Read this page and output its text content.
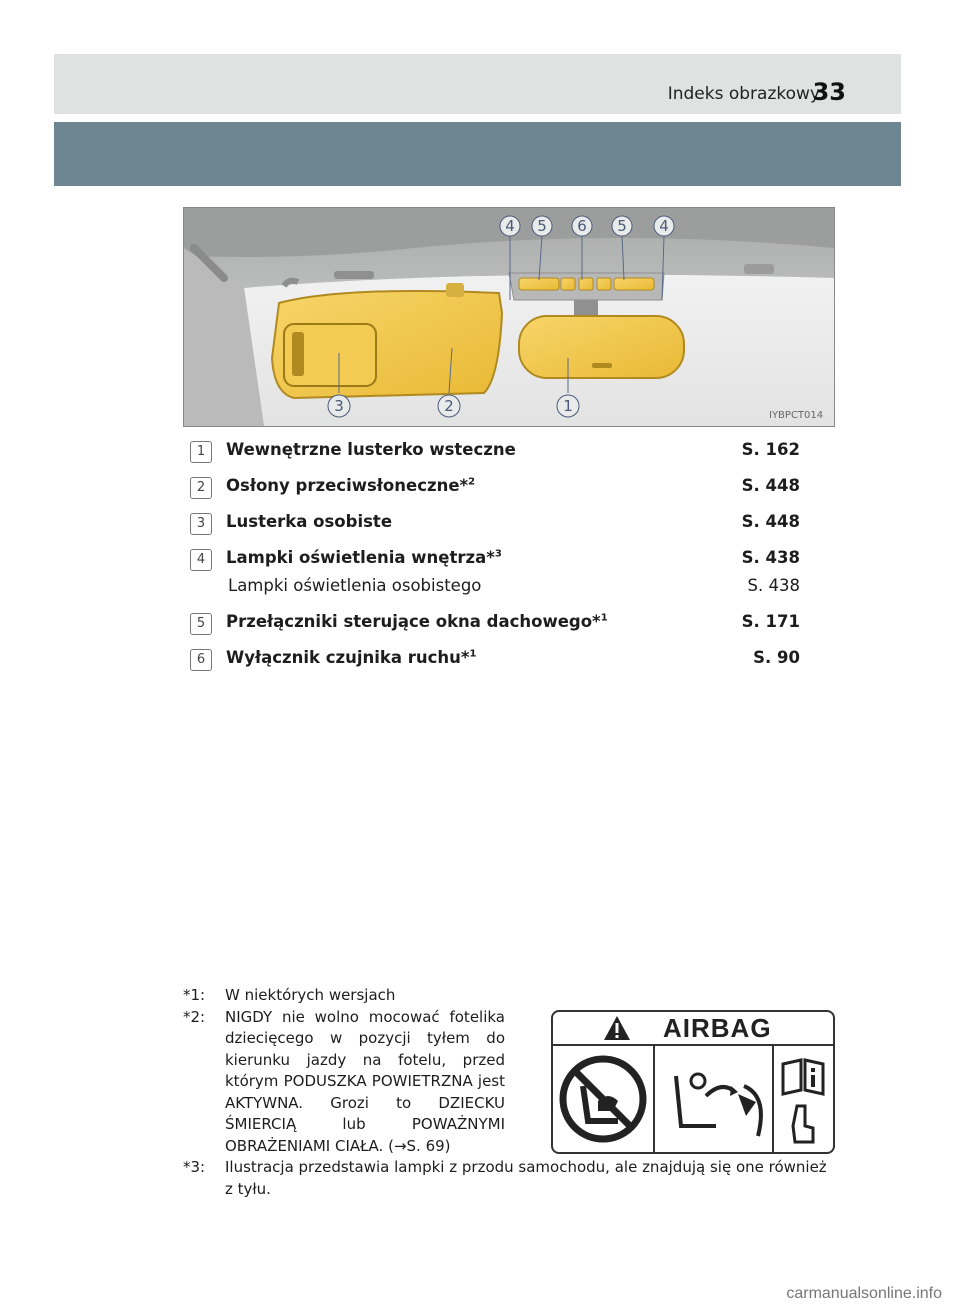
Indeks obrazkowy
33
4 5 6 5 4
3	2	1
IYBPCT014
1	Wewnętrzne lusterko wsteczne	S. 162
2	Osłony przeciwsłoneczne*$^2$	S. 448
3	Lusterka osobiste	S. 448
4	Lampki oświetlenia wnętrza*$^3$	S. 438
Lampki oświetlenia osobistego	S. 438
5	Przełączniki sterujące okna dachowego*$^1$	S. 171
6	Wyłącznik czujnika ruchu*$^1$	S. 90
*1: W niektórych wersjach
*2: NIGDY nie wolno mocować fotelika dziecięcego w pozycji tyłem do kierunku jazdy na fotelu, przed którym PODUSZKA POWIETRZNA jest AKTYWNA. Grozi to DZIECKU ŚMIERCIĄ lub POWAŻNYMI OBRAŻENIAMI CIAŁA. (→S. 69)
*3: Ilustracja przedstawia lampki z przodu samochodu, ale znajdują się one również z tyłu.
AIRBAG
carmanualsonline.info
